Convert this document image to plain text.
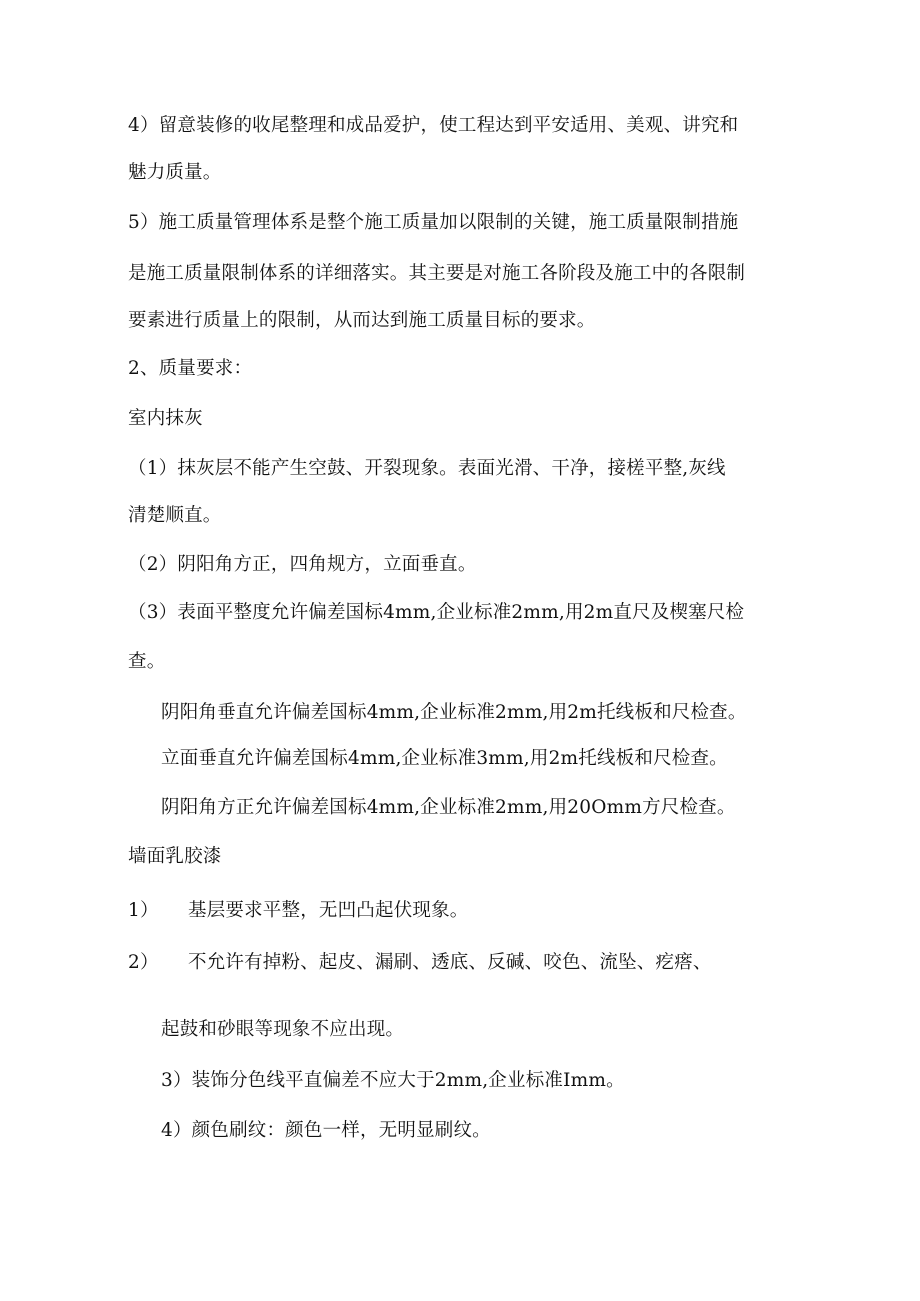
4）留意装修的收尾整理和成品爱护，使工程达到平安适用、美观、讲究和
魅力质量。
5）施工质量管理体系是整个施工质量加以限制的关键，施工质量限制措施
是施工质量限制体系的详细落实。其主要是对施工各阶段及施工中的各限制
要素进行质量上的限制，从而达到施工质量目标的要求。
2、质量要求：
室内抹灰
（1）抹灰层不能产生空鼓、开裂现象。表面光滑、干净，接槎平整,灰线
清楚顺直。
（2）阴阳角方正，四角规方，立面垂直。
（3）表面平整度允许偏差国标4mm,企业标准2mm,用2m直尺及楔塞尺检
查。
阴阳角垂直允许偏差国标4mm,企业标准2mm,用2m托线板和尺检查。
立面垂直允许偏差国标4mm,企业标准3mm,用2m托线板和尺检查。
阴阳角方正允许偏差国标4mm,企业标准2mm,用20Omm方尺检查。
墙面乳胶漆
1） 基层要求平整，无凹凸起伏现象。
2） 不允许有掉粉、起皮、漏刷、透底、反碱、咬色、流坠、疙瘩、
起鼓和砂眼等现象不应出现。
3）装饰分色线平直偏差不应大于2mm,企业标准Imm。
4）颜色刷纹：颜色一样，无明显刷纹。
